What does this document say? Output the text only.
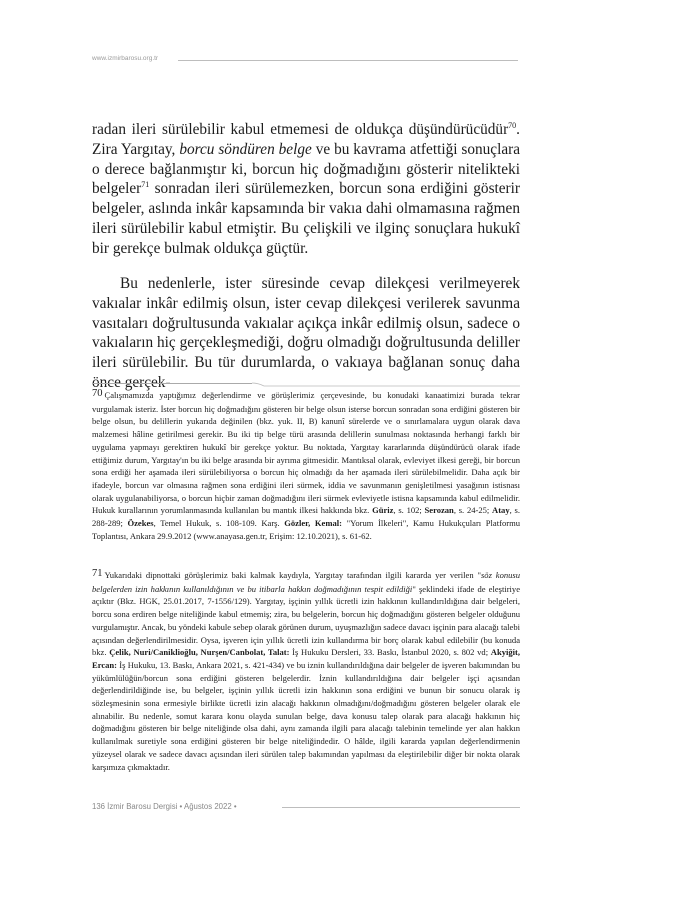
www.izmirbarosu.org.tr

radan ileri sürülebilir kabul etmemesi de oldukça düşündürücüdür$^{70}$. Zira Yargıtay, borcu söndüren belge ve bu kavrama atfettiği sonuçlara o derece bağlanmıştır ki, borcun hiç doğmadığını gösterir nitelikteki belgeler$^{71}$ sonradan ileri sürülemezken, borcun sona erdiğini gösterir belgeler, aslında inkâr kapsamında bir vakıa dahi olmamasına rağmen ileri sürülebilir kabul etmiştir. Bu çelişkili ve ilginç sonuçlara hukukî bir gerekçe bulmak oldukça güçtür.

Bu nedenlerle, ister süresinde cevap dilekçesi verilmeyerek vakıalar inkâr edilmiş olsun, ister cevap dilekçesi verilerek savunma vasıtaları doğrultusunda vakıalar açıkça inkâr edilmiş olsun, sadece o vakıaların hiç gerçekleşmediği, doğru olmadığı doğrultusunda deliller ileri sürülebilir. Bu tür durumlarda, o vakıaya bağlanan sonuç daha önce gerçek-

70 Çalışmamızda yaptığımız değerlendirme ve görüşlerimiz çerçevesinde, bu konudaki kanaatimizi burada tekrar vurgulamak isteriz. İster borcun hiç doğmadığını gösteren bir belge olsun isterse borcun sonradan sona erdiğini gösteren bir belge olsun, bu delillerin yukarıda değinilen (bkz. yuk. II, B) kanunî sürelerde ve o sınırlamalara uygun olarak dava malzemesi hâline getirilmesi gerekir. Bu iki tip belge türü arasında delillerin sunulması noktasında herhangi farklı bir uygulama yapmayı gerektiren hukukî bir gerekçe yoktur. Bu noktada, Yargıtay kararlarında düşündürücü olarak ifade ettiğimiz durum, Yargıtay'ın bu iki belge arasında bir ayrıma gitmesidir. Mantıksal olarak, evleviyet ilkesi gereği, bir borcun sona erdiği her aşamada ileri sürülebiliyorsa o borcun hiç olmadığı da her aşamada ileri sürülebilmelidir. Daha açık bir ifadeyle, borcun var olmasına rağmen sona erdiğini ileri sürmek, iddia ve savunmanın genişletilmesi yasağının istisnası olarak uygulanabiliyorsa, o borcun hiçbir zaman doğmadığını ileri sürmek evleviyetle istisna kapsamında kabul edilmelidir. Hukuk kurallarının yorumlanmasında kullanılan bu mantık ilkesi hakkında bkz. Güriz, s. 102; Serozan, s. 24-25; Atay, s. 288-289; Özekes, Temel Hukuk, s. 108-109. Karş. Gözler, Kemal: "Yorum İlkeleri", Kamu Hukukçuları Platformu Toplantısı, Ankara 29.9.2012 (www.anayasa.gen.tr, Erişim: 12.10.2021), s. 61-62.

71 Yukarıdaki dipnottaki görüşlerimiz baki kalmak kaydıyla, Yargıtay tarafından ilgili kararda yer verilen "söz konusu belgelerden izin hakkının kullanıldığının ve bu itibarla hakkın doğmadığının tespit edildiği" şeklindeki ifade de eleştiriye açıktır (Bkz. HGK, 25.01.2017, 7-1556/129). Yargıtay, işçinin yıllık ücretli izin hakkının kullandırıldığına dair belgeleri, borcu sona erdiren belge niteliğinde kabul etmemiş; zira, bu belgelerin, borcun hiç doğmadığını gösteren belgeler olduğunu vurgulamıştır. Ancak, bu yöndeki kabule sebep olarak görünen durum, uyuşmazlığın sadece davacı işçinin para alacağı talebi açısından değerlendirilmesidir. Oysa, işveren için yıllık ücretli izin kullandırma bir borç olarak kabul edilebilir (bu konuda bkz. Çelik, Nuri/Caniklioğlu, Nurşen/Canbolat, Talat: İş Hukuku Dersleri, 33. Baskı, İstanbul 2020, s. 802 vd; Akyiğit, Ercan: İş Hukuku, 13. Baskı, Ankara 2021, s. 421-434) ve bu iznin kullandırıldığına dair belgeler de işveren bakımından bu yükümlülüğün/borcun sona erdiğini gösteren belgelerdir. İznin kullandırıldığına dair belgeler işçi açısından değerlendirildiğinde ise, bu belgeler, işçinin yıllık ücretli izin hakkının sona erdiğini ve bunun bir sonucu olarak iş sözleşmesinin sona ermesiyle birlikte ücretli izin alacağı hakkının olmadığını/doğmadığını gösteren belgeler olarak ele alınabilir. Bu nedenle, somut karara konu olayda sunulan belge, dava konusu talep olarak para alacağı hakkının hiç doğmadığını gösteren bir belge niteliğinde olsa dahi, aynı zamanda ilgili para alacağı talebinin temelinde yer alan hakkın kullanılmak suretiyle sona erdiğini gösteren bir belge niteliğindedir. O hâlde, ilgili kararda yapılan değerlendirmenin yüzeysel olarak ve sadece davacı açısından ileri sürülen talep bakımından yapılması da eleştirilebilir diğer bir nokta olarak karşımıza çıkmaktadır.

136 İzmir Barosu Dergisi • Ağustos 2022 •
